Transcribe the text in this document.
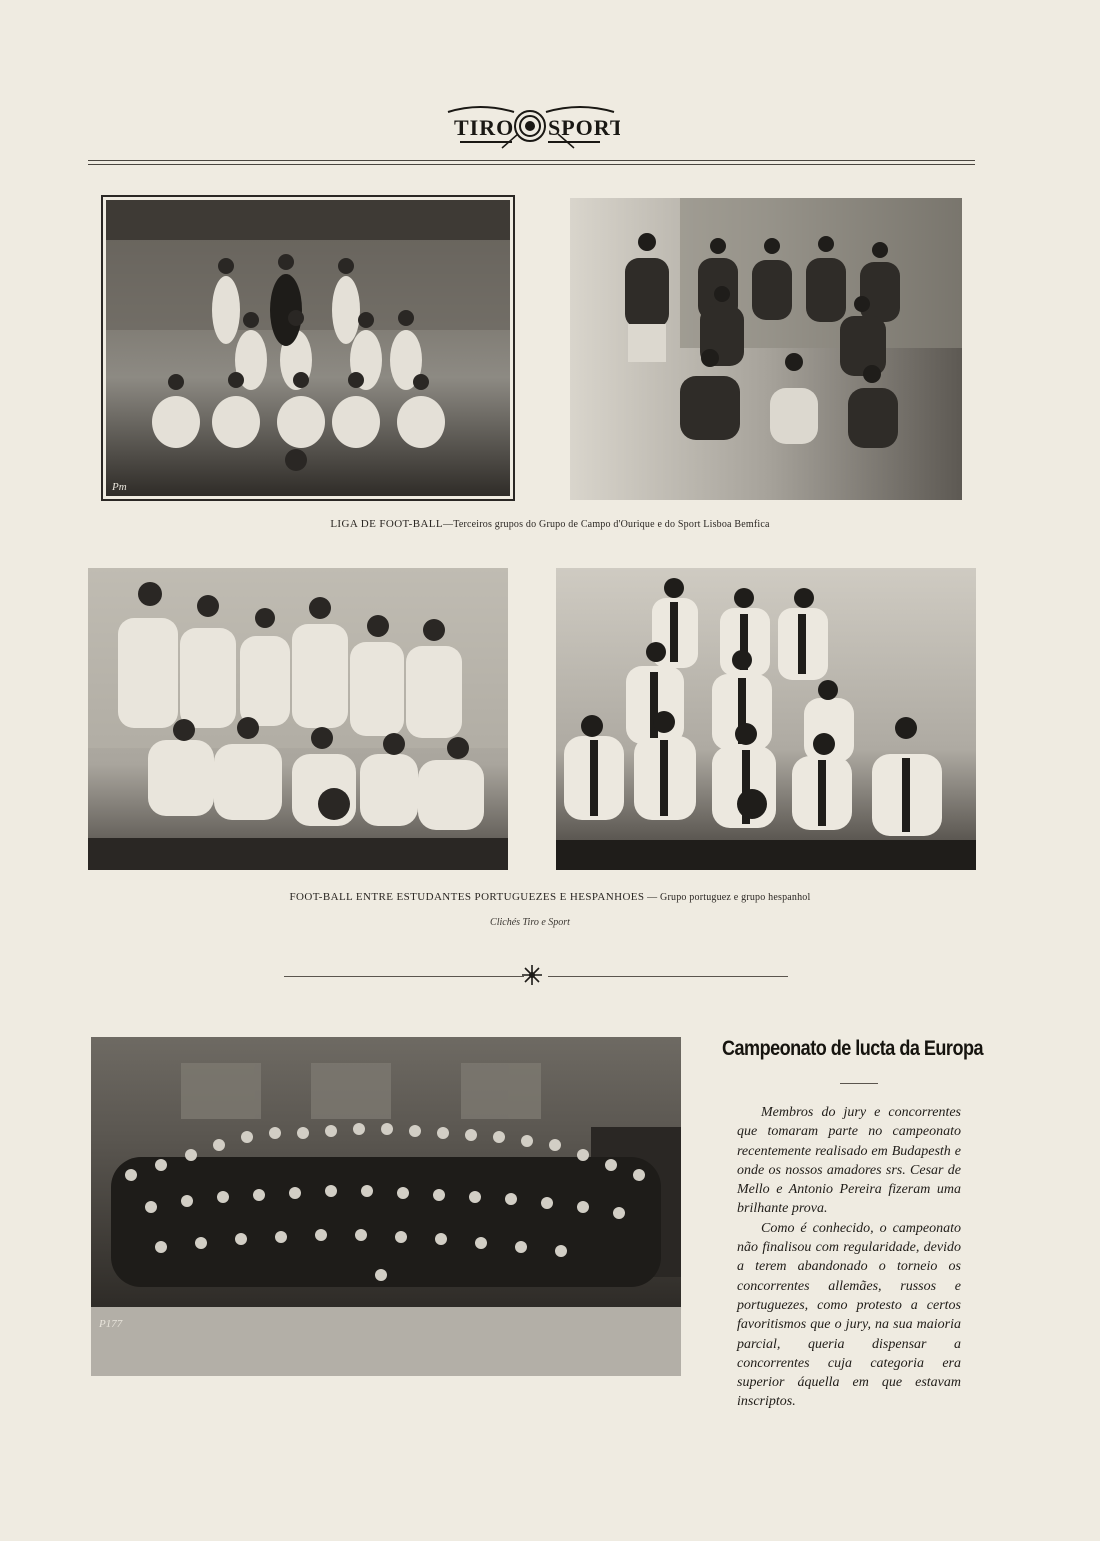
TIRO SPORT
Pm
LIGA DE FOOT-BALL—Terceiros grupos do Grupo de Campo d'Ourique e do Sport Lisboa Bemfica
FOOT-BALL ENTRE ESTUDANTES PORTUGUEZES E HESPANHOES — Grupo portuguez e grupo hespanhol
Clichés Tiro e Sport
P177
Campeonato de lucta da Europa

Membros do jury e concorrentes que tomaram parte no campeonato recentemente realisado em Budapesth e onde os nossos amadores srs. Cesar de Mello e Antonio Pereira fizeram uma brilhante prova.

Como é conhecido, o campeonato não finalisou com regularidade, devido a terem abandonado o torneio os concorrentes allemães, russos e portuguezes, como protesto a certos favoritismos que o jury, na sua maioria parcial, queria dispensar a concorrentes cuja categoria era superior áquella em que estavam inscriptos.
